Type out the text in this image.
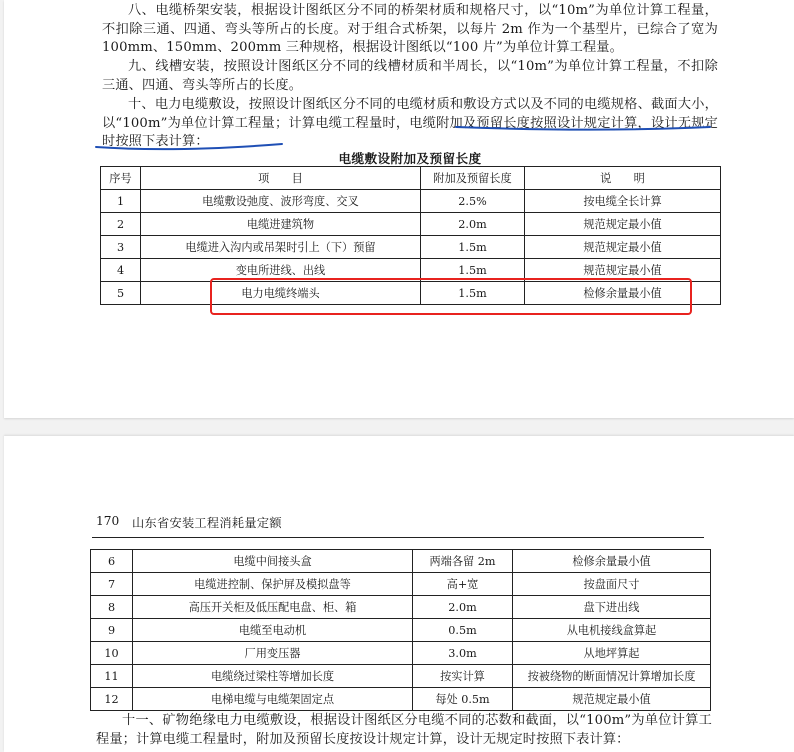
八、电缆桥架安装，根据设计图纸区分不同的桥架材质和规格尺寸，以“10m”为单位计算工程量，不扣除三通、四通、弯头等所占的长度。对于组合式桥架，以每片 2m 作为一个基型片，已综合了宽为 100mm、150mm、200mm 三种规格，根据设计图纸以“100 片”为单位计算工程量。

九、线槽安装，按照设计图纸区分不同的线槽材质和半周长，以“10m”为单位计算工程量，不扣除三通、四通、弯头等所占的长度。

十、电力电缆敷设，按照设计图纸区分不同的电缆材质和敷设方式以及不同的电缆规格、截面大小，以“100m”为单位计算工程量；计算电缆工程量时，电缆附加及预留长度按照设计规定计算，设计无规定时按照下表计算：

电缆敷设附加及预留长度
序号	项　　目	附加及预留长度	说　　明
1	电缆敷设弛度、波形弯度、交叉	2.5%	按电缆全长计算
2	电缆进建筑物	2.0m	规范规定最小值
3	电缆进入沟内或吊架时引上（下）预留	1.5m	规范规定最小值
4	变电所进线、出线	1.5m	规范规定最小值
5	电力电缆终端头	1.5m	检修余量最小值
170 山东省安装工程消耗量定额
6	电缆中间接头盒	两端各留 2m	检修余量最小值
7	电缆进控制、保护屏及模拟盘等	高+宽	按盘面尺寸
8	高压开关柜及低压配电盘、柜、箱	2.0m	盘下进出线
9	电缆至电动机	0.5m	从电机接线盒算起
10	厂用变压器	3.0m	从地坪算起
11	电缆绕过梁柱等增加长度	按实计算	按被绕物的断面情况计算增加长度
12	电梯电缆与电缆架固定点	每处 0.5m	规范规定最小值

十一、矿物绝缘电力电缆敷设，根据设计图纸区分电缆不同的芯数和截面，以“100m”为单位计算工程量；计算电缆工程量时，附加及预留长度按设计规定计算，设计无规定时按照下表计算：
